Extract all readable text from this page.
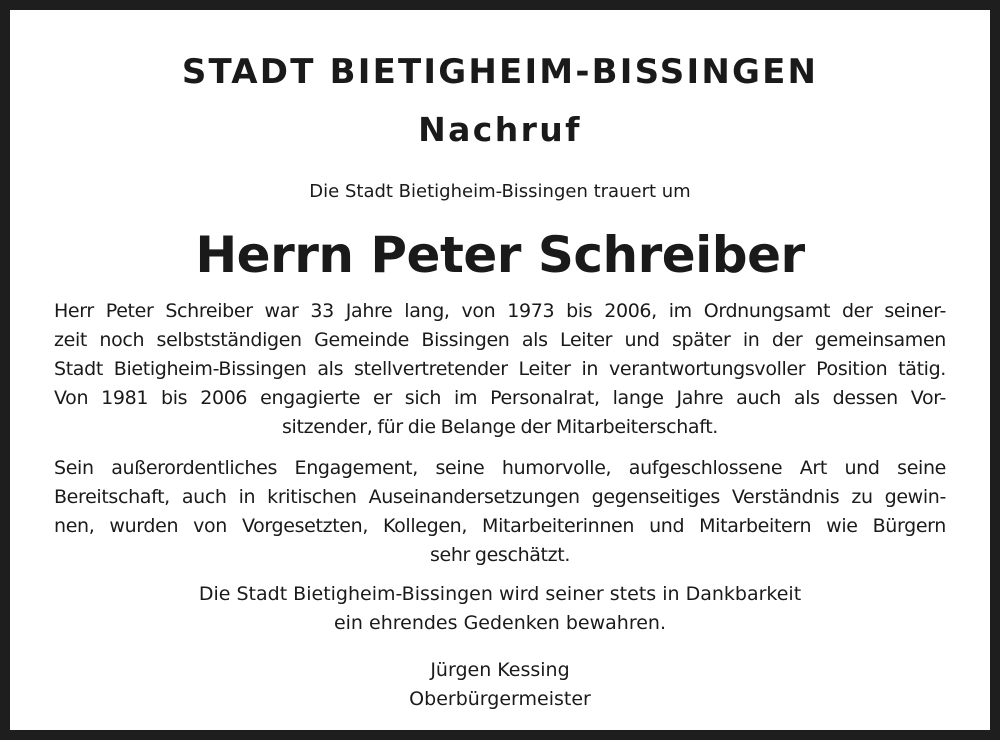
STADT BIETIGHEIM-BISSINGEN
Nachruf
Die Stadt Bietigheim-Bissingen trauert um
Herrn Peter Schreiber
Herr Peter Schreiber war 33 Jahre lang, von 1973 bis 2006, im Ordnungsamt der seiner-
zeit noch selbstständigen Gemeinde Bissingen als Leiter und später in der gemeinsamen
Stadt Bietigheim-Bissingen als stellvertretender Leiter in verantwortungsvoller Position tätig.
Von 1981 bis 2006 engagierte er sich im Personalrat, lange Jahre auch als dessen Vor-
sitzender, für die Belange der Mitarbeiterschaft.
Sein außerordentliches Engagement, seine humorvolle, aufgeschlossene Art und seine
Bereitschaft, auch in kritischen Auseinandersetzungen gegenseitiges Verständnis zu gewin-
nen, wurden von Vorgesetzten, Kollegen, Mitarbeiterinnen und Mitarbeitern wie Bürgern
sehr geschätzt.
Die Stadt Bietigheim-Bissingen wird seiner stets in Dankbarkeit
ein ehrendes Gedenken bewahren.
Jürgen Kessing
Oberbürgermeister
